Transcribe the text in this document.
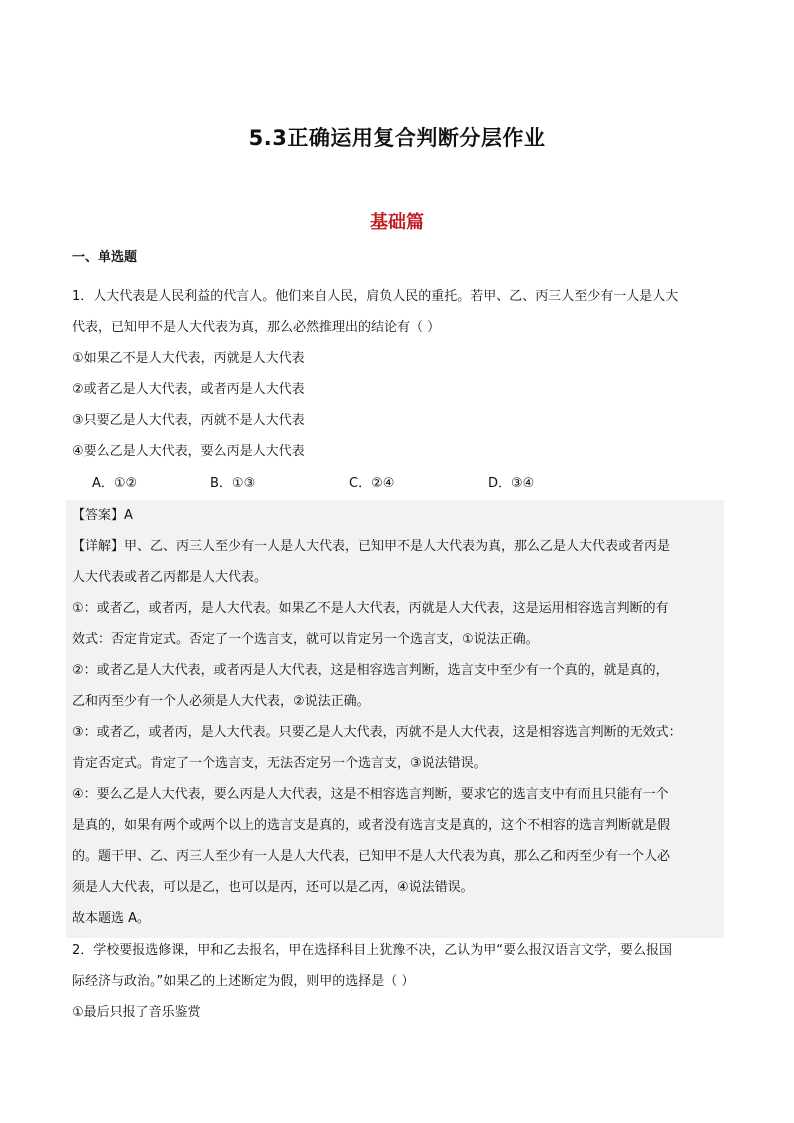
5.3正确运用复合判断分层作业
基础篇
一、单选题
1．人大代表是人民利益的代言人。他们来自人民，肩负人民的重托。若甲、乙、丙三人至少有一人是人大
代表，已知甲不是人大代表为真，那么必然推理出的结论有（ ）
①如果乙不是人大代表，丙就是人大代表
②或者乙是人大代表，或者丙是人大代表
③只要乙是人大代表，丙就不是人大代表
④要么乙是人大代表，要么丙是人大代表
A．①②	B．①③	C．②④	D．③④
【答案】A
【详解】甲、乙、丙三人至少有一人是人大代表，已知甲不是人大代表为真，那么乙是人大代表或者丙是
人大代表或者乙丙都是人大代表。
①：或者乙，或者丙，是人大代表。如果乙不是人大代表，丙就是人大代表，这是运用相容选言判断的有
效式：否定肯定式。否定了一个选言支，就可以肯定另一个选言支，①说法正确。
②：或者乙是人大代表，或者丙是人大代表，这是相容选言判断，选言支中至少有一个真的，就是真的，
乙和丙至少有一个人必须是人大代表，②说法正确。
③：或者乙，或者丙，是人大代表。只要乙是人大代表，丙就不是人大代表，这是相容选言判断的无效式：
肯定否定式。肯定了一个选言支，无法否定另一个选言支，③说法错误。
④：要么乙是人大代表，要么丙是人大代表，这是不相容选言判断，要求它的选言支中有而且只能有一个
是真的，如果有两个或两个以上的选言支是真的，或者没有选言支是真的，这个不相容的选言判断就是假
的。题干甲、乙、丙三人至少有一人是人大代表，已知甲不是人大代表为真，那么乙和丙至少有一个人必
须是人大代表，可以是乙，也可以是丙，还可以是乙丙，④说法错误。
故本题选 A。
2．学校要报选修课，甲和乙去报名，甲在选择科目上犹豫不决，乙认为甲“要么报汉语言文学，要么报国
际经济与政治。”如果乙的上述断定为假，则甲的选择是（ ）
①最后只报了音乐鉴赏
